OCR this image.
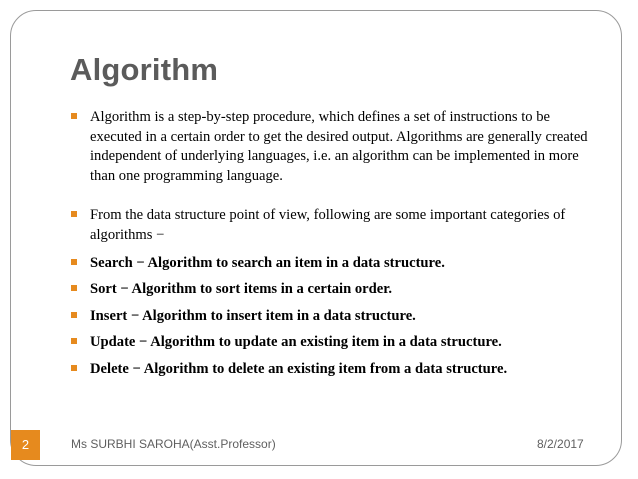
Algorithm
Algorithm is a step-by-step procedure, which defines a set of instructions to be executed in a certain order to get the desired output. Algorithms are generally created independent of underlying languages, i.e. an algorithm can be implemented in more than one programming language.
From the data structure point of view, following are some important categories of algorithms −
Search − Algorithm to search an item in a data structure.
Sort − Algorithm to sort items in a certain order.
Insert − Algorithm to insert item in a data structure.
Update − Algorithm to update an existing item in a data structure.
Delete − Algorithm to delete an existing item from a data structure.
2	Ms SURBHI SAROHA(Asst.Professor)	8/2/2017
